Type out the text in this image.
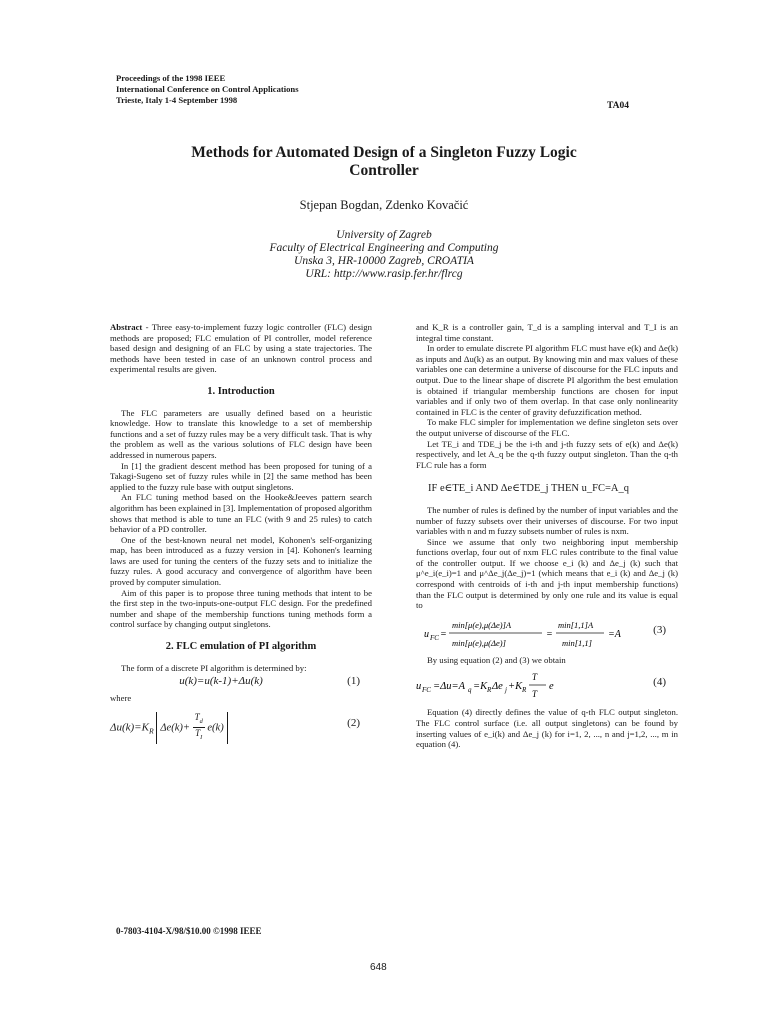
Proceedings of the 1998 IEEE
International Conference on Control Applications
Trieste, Italy 1-4 September 1998
TA04
Methods for Automated Design of a Singleton Fuzzy Logic
Controller
Stjepan Bogdan, Zdenko Kovačić
University of Zagreb
Faculty of Electrical Engineering and Computing
Unska 3, HR-10000 Zagreb, CROATIA
URL: http://www.rasip.fer.hr/flrcg

Abstract - Three easy-to-implement fuzzy logic controller (FLC) design methods are proposed; FLC emulation of PI controller, model reference based design and designing of an FLC by using a state trajectories. The methods have been tested in case of an unknown control process and experimental results are given.

1. Introduction

The FLC parameters are usually defined based on a heuristic knowledge. How to translate this knowledge to a set of membership functions and a set of fuzzy rules may be a very difficult task. That is why the problem as well as the various solutions of FLC design have been addressed in numerous papers.

In [1] the gradient descent method has been proposed for tuning of a Takagi-Sugeno set of fuzzy rules while in [2] the same method has been applied to the fuzzy rule base with output singletons.

An FLC tuning method based on the Hooke&Jeeves pattern search algorithm has been explained in [3]. Implementation of proposed algorithm shows that method is able to tune an FLC (with 9 and 25 rules) to catch behavior of a PD controller.

One of the best-known neural net model, Kohonen's self-organizing map, has been introduced as a fuzzy version in [4]. Kohonen's learning laws are used for tuning the centers of the fuzzy sets and to initialize the fuzzy rules. A good accuracy and convergence of algorithm have been proved by computer simulation.

Aim of this paper is to propose three tuning methods that intent to be the first step in the two-inputs-one-output FLC design. For the predefined number and shape of the membership functions tuning methods form a control surface by changing output singletons.

2. FLC emulation of PI algorithm

The form of a discrete PI algorithm is determined by:

u(k)=u(k-1)+Δu(k)	(1)

where

$\Delta u(k)=K_R$ $\Delta e(k)+ \frac{T_d}{T_I} e(k)$	(2)

and K_R is a controller gain, T_d is a sampling interval and T_I is an integral time constant.

In order to emulate discrete PI algorithm FLC must have e(k) and Δe(k) as inputs and Δu(k) as an output. By knowing min and max values of these variables one can determine a universe of discourse for the FLC inputs and output. Due to the linear shape of discrete PI algorithm the best emulation is obtained if triangular membership functions are chosen for input variables and if only two of them overlap. In that case only nonlinearity contained in FLC is the center of gravity defuzzification method.

To make FLC simpler for implementation we define singleton sets over the output universe of discourse of the FLC.

Let TE_i and TDE_j be the i-th and j-th fuzzy sets of e(k) and Δe(k) respectively, and let A_q be the q-th fuzzy output singleton. Than the q-th FLC rule has a form

IF e∈TE_i AND Δe∈TDE_j THEN u_FC=A_q

The number of rules is defined by the number of input variables and the number of fuzzy subsets over their universes of discourse. For two input variables with n and m fuzzy subsets number of rules is nxm.

Since we assume that only two neighboring input membership functions overlap, four out of nxm FLC rules contribute to the final value of the controller output. If we choose e_i (k) and Δe_j (k) such that μ^e_i(e_i)=1 and μ^Δe_j(Δe_j)=1 (which means that e_i (k) and Δe_j (k) correspond with centroids of i-th and j-th input membership functions) than the FLC output is determined by only one rule and its value is equal to

u FC =
min[μ(e),μ(Δe)]A
min[μ(e),μ(Δe)]
=
min[1,1]A
min[1,1]
=A	(3)

By using equation (2) and (3) we obtain

u FC =Δu=A q =K R Δe j +K R
T
T
e	(4)

Equation (4) directly defines the value of q-th FLC output singleton. The FLC control surface (i.e. all output singletons) can be found by inserting values of e_i(k) and Δe_j (k) for i=1, 2, ..., n and j=1,2, ..., m in equation (4).

0-7803-4104-X/98/$10.00 ©1998 IEEE
648
